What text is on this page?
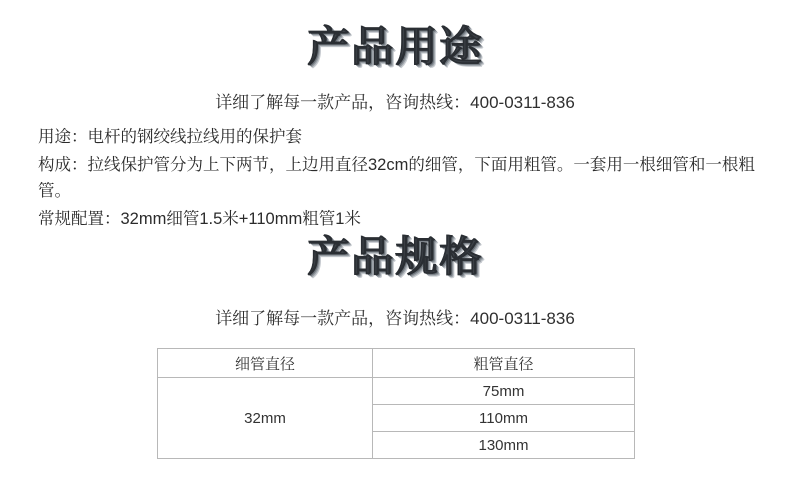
产品用途
详细了解每一款产品，咨询热线：400-0311-836

用途：电杆的钢绞线拉线用的保护套

构成：拉线保护管分为上下两节，上边用直径32cm的细管，下面用粗管。一套用一根细管和一根粗管。

常规配置：32mm细管1.5米+110mm粗管1米

产品规格
详细了解每一款产品，咨询热线：400-0311-836
细管直径	粗管直径
32mm	75mm
	110mm
	130mm
